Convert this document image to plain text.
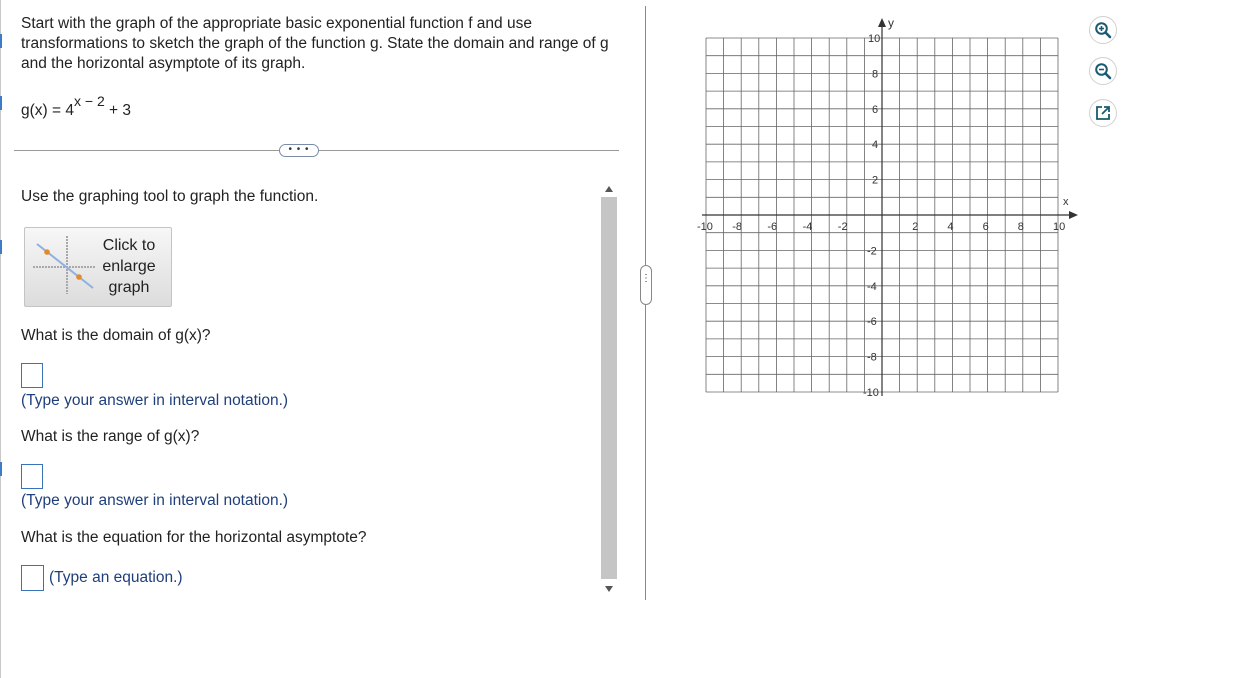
Start with the graph of the appropriate basic exponential function f and use transformations to sketch the graph of the function g. State the domain and range of g and the horizontal asymptote of its graph.

$g(x) = 4^{x - 2} + 3$
• • •
Use the graphing tool to graph the function.
Click to
enlarge
graph
What is the domain of g(x)?
(Type your answer in interval notation.)
What is the range of g(x)?
(Type your answer in interval notation.)
What is the equation for the horizontal asymptote?
(Type an equation.)
⋮
x
y
-10 -8 -6 -4 -2	2	4	6	8	10
10
8
6
4
2
-2
-4
-6
-8
-10
